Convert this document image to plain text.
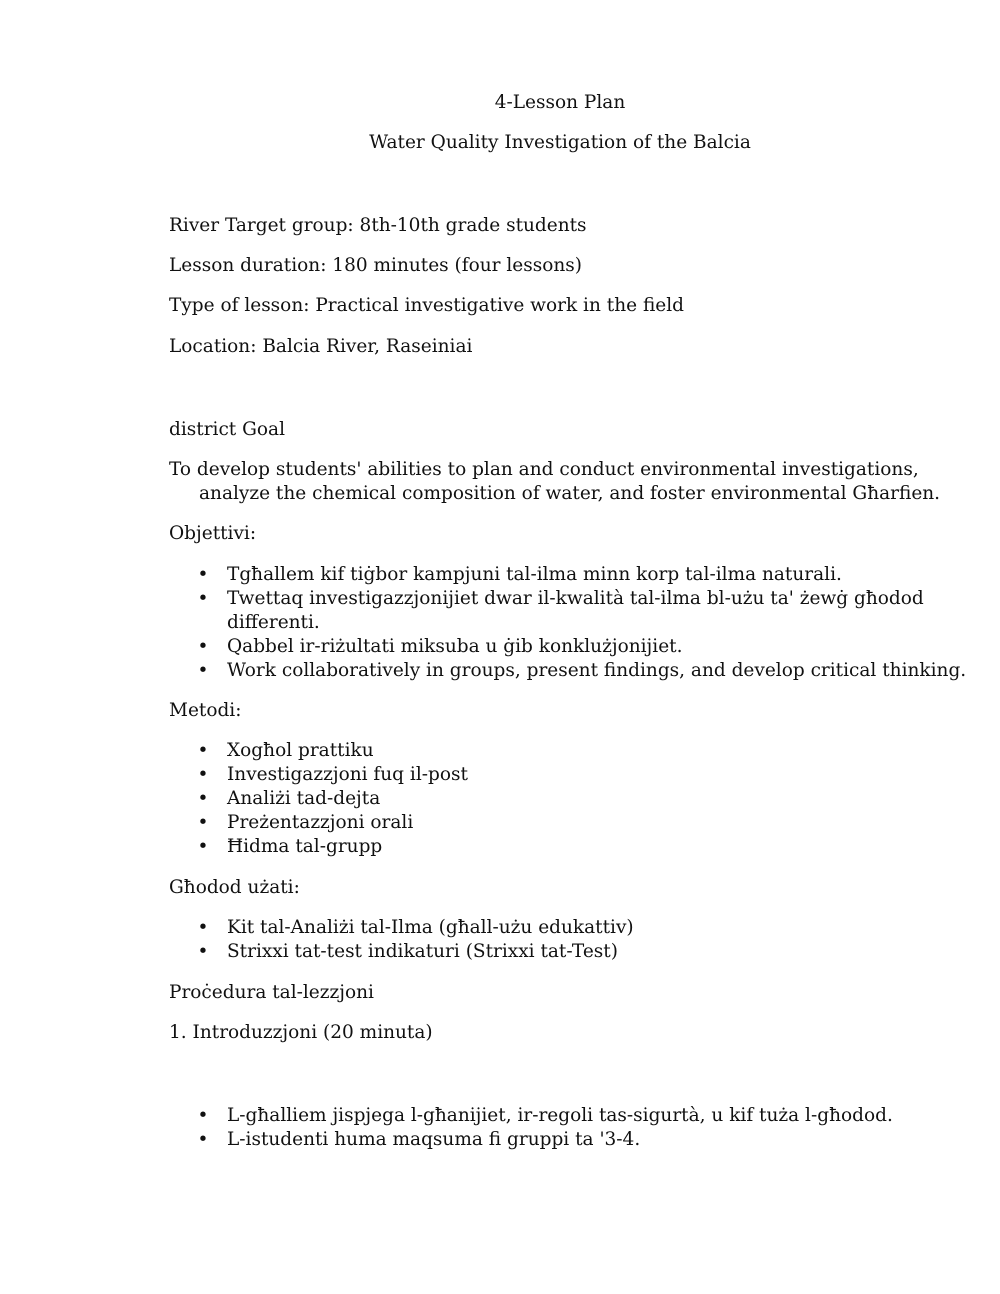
4-Lesson Plan
Water Quality Investigation of the Balcia
River Target group: 8th-10th grade students
Lesson duration: 180 minutes (four lessons)
Type of lesson: Practical investigative work in the field
Location: Balcia River, Raseiniai
district Goal
To develop students' abilities to plan and conduct environmental investigations, analyze the chemical composition of water, and foster environmental Għarfien.
Objettivi:
• Tgħallem kif tiġbor kampjuni tal-ilma minn korp tal-ilma naturali.
• Twettaq investigazzjonijiet dwar il-kwalità tal-ilma bl-użu ta' żewġ għodod differenti.
• Qabbel ir-riżultati miksuba u ġib konklużjonijiet.
• Work collaboratively in groups, present findings, and develop critical thinking.
Metodi:
• Xogħol prattiku
• Investigazzjoni fuq il-post
• Analiżi tad-dejta
• Preżentazzjoni orali
• Ħidma tal-grupp
Għodod użati:
• Kit tal-Analiżi tal-Ilma (għall-użu edukattiv)
• Strixxi tat-test indikaturi (Strixxi tat-Test)
Proċedura tal-lezzjoni
1. Introduzzjoni (20 minuta)
• L-għalliem jispjega l-għanijiet, ir-regoli tas-sigurtà, u kif tuża l-għodod.
• L-istudenti huma maqsuma fi gruppi ta '3-4.
